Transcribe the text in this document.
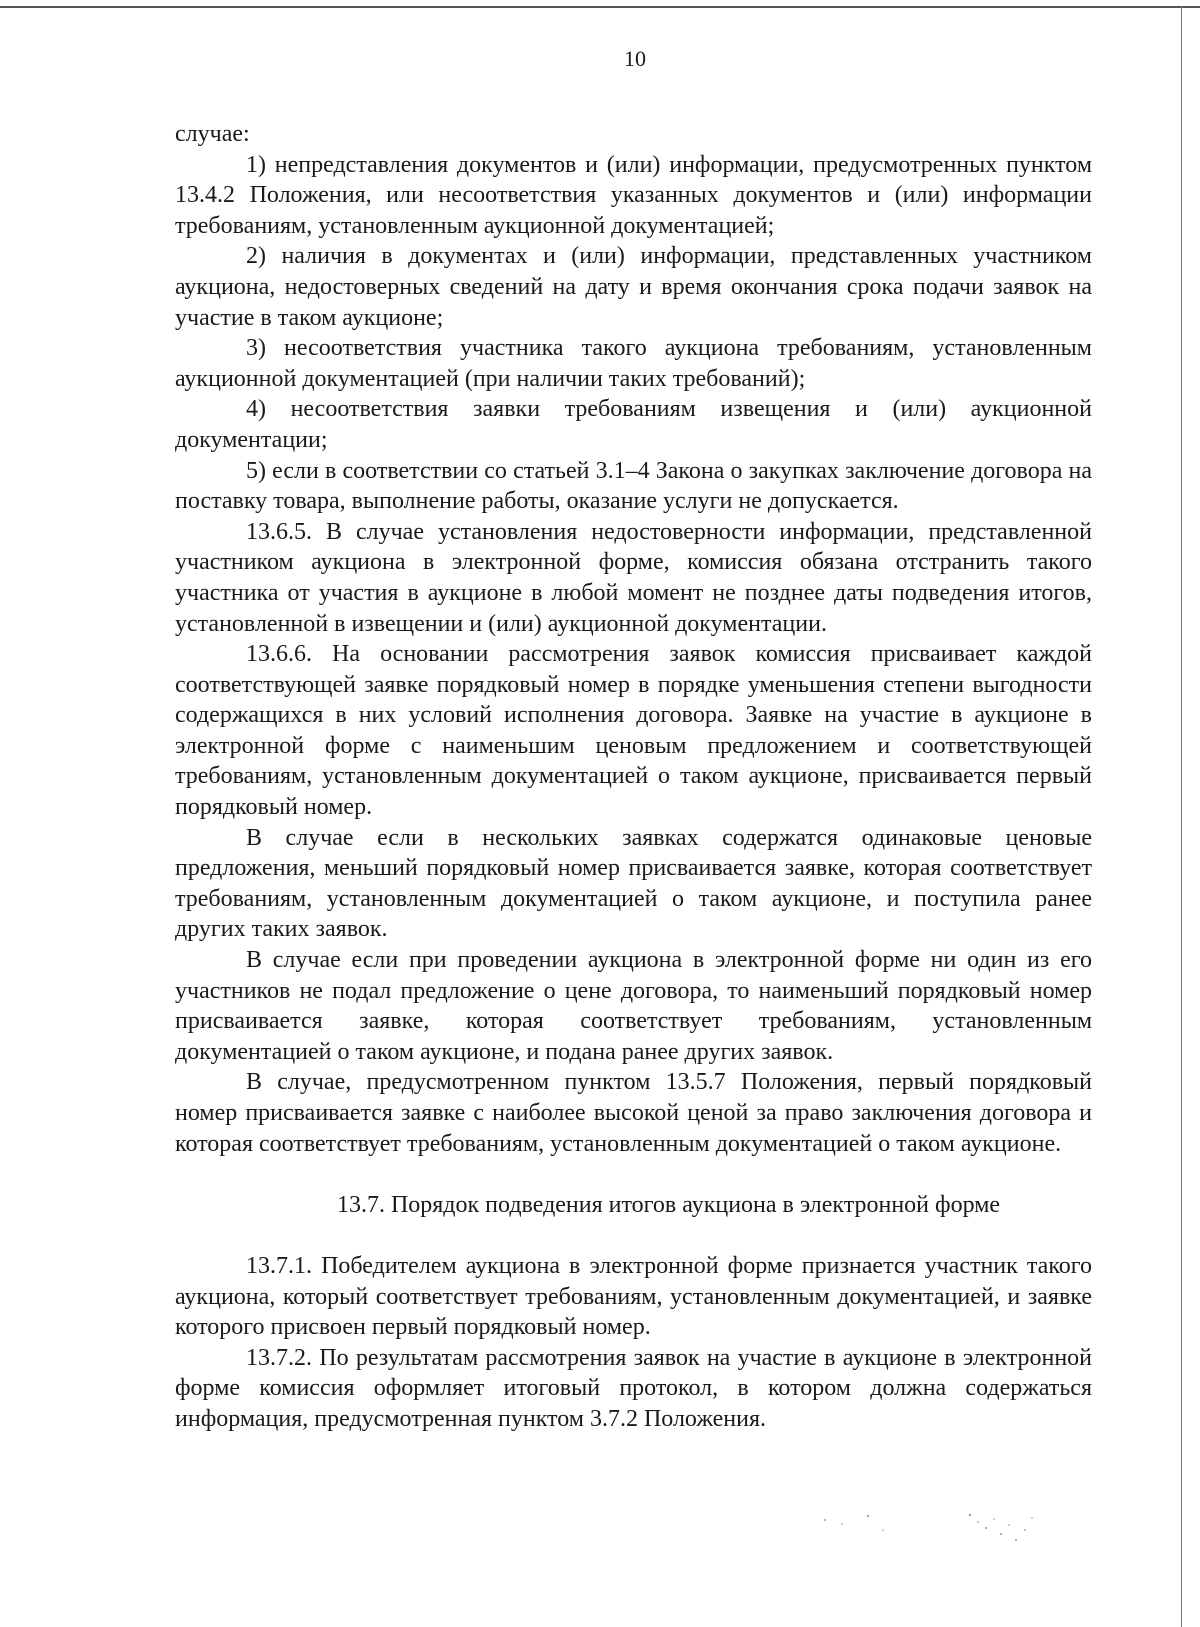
10

случае:

1) непредставления документов и (или) информации, предусмотренных пунктом 13.4.2 Положения, или несоответствия указанных документов и (или) информации требованиям, установленным аукционной документацией;

2) наличия в документах и (или) информации, представленных участником аукциона, недостоверных сведений на дату и время окончания срока подачи заявок на участие в таком аукционе;

3) несоответствия участника такого аукциона требованиям, установленным аукционной документацией (при наличии таких требований);

4) несоответствия заявки требованиям извещения и (или) аукционной документации;

5) если в соответствии со статьей 3.1–4 Закона о закупках заключение договора на поставку товара, выполнение работы, оказание услуги не допускается.

13.6.5. В случае установления недостоверности информации, представленной участником аукциона в электронной форме, комиссия обязана отстранить такого участника от участия в аукционе в любой момент не позднее даты подведения итогов, установленной в извещении и (или) аукционной документации.

13.6.6. На основании рассмотрения заявок комиссия присваивает каждой соответствующей заявке порядковый номер в порядке уменьшения степени выгодности содержащихся в них условий исполнения договора. Заявке на участие в аукционе в электронной форме с наименьшим ценовым предложением и соответствующей требованиям, установленным документацией о таком аукционе, присваивается первый порядковый номер.

В случае если в нескольких заявках содержатся одинаковые ценовые предложения, меньший порядковый номер присваивается заявке, которая соответствует требованиям, установленным документацией о таком аукционе, и поступила ранее других таких заявок.

В случае если при проведении аукциона в электронной форме ни один из его участников не подал предложение о цене договора, то наименьший порядковый номер присваивается заявке, которая соответствует требованиям, установленным документацией о таком аукционе, и подана ранее других заявок.

В случае, предусмотренном пунктом 13.5.7 Положения, первый порядковый номер присваивается заявке с наиболее высокой ценой за право заключения договора и которая соответствует требованиям, установленным документацией о таком аукционе.

13.7. Порядок подведения итогов аукциона в электронной форме

13.7.1. Победителем аукциона в электронной форме признается участник такого аукциона, который соответствует требованиям, установленным документацией, и заявке которого присвоен первый порядковый номер.

13.7.2. По результатам рассмотрения заявок на участие в аукционе в электронной форме комиссия оформляет итоговый протокол, в котором должна содержаться информация, предусмотренная пунктом 3.7.2 Положения.
